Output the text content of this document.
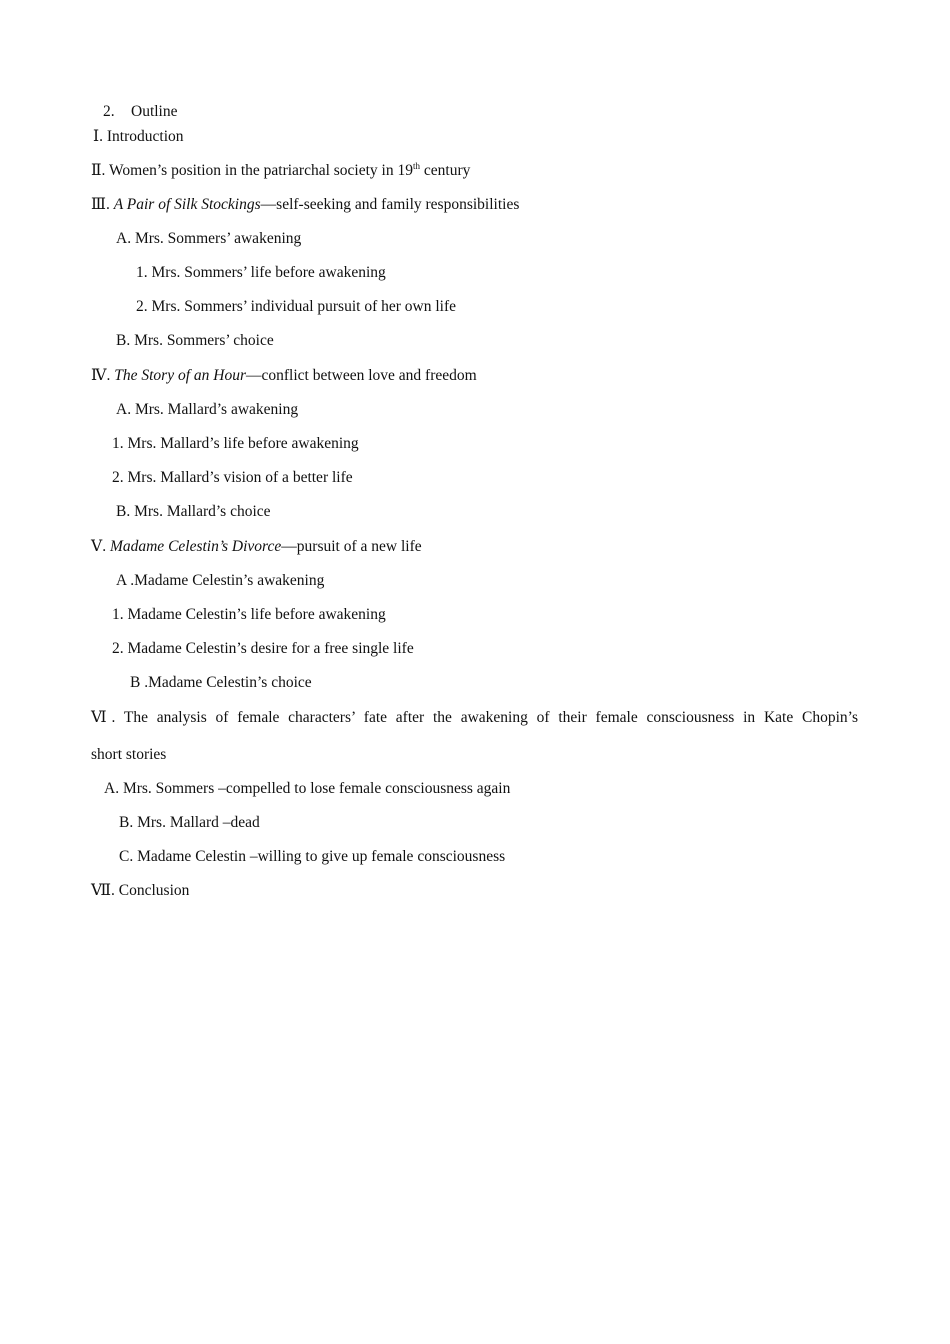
2. Outline
Ⅰ. Introduction
Ⅱ. Women’s position in the patriarchal society in 19th century
Ⅲ. A Pair of Silk Stockings—self-seeking and family responsibilities
A. Mrs. Sommers’ awakening
1. Mrs. Sommers’ life before awakening
2. Mrs. Sommers’ individual pursuit of her own life
B. Mrs. Sommers’ choice
Ⅳ. The Story of an Hour—conflict between love and freedom
A. Mrs. Mallard’s awakening
1. Mrs. Mallard’s life before awakening
2. Mrs. Mallard’s vision of a better life
B. Mrs. Mallard’s choice
Ⅴ. Madame Celestin’s Divorce—pursuit of a new life
A .Madame Celestin’s awakening
1. Madame Celestin’s life before awakening
2. Madame Celestin’s desire for a free single life
B .Madame Celestin’s choice
Ⅵ. The analysis of female characters’ fate after the awakening of their female consciousness in Kate Chopin’s
short stories
A. Mrs. Sommers –compelled to lose female consciousness again
B. Mrs. Mallard –dead
C. Madame Celestin –willing to give up female consciousness
Ⅶ. Conclusion
